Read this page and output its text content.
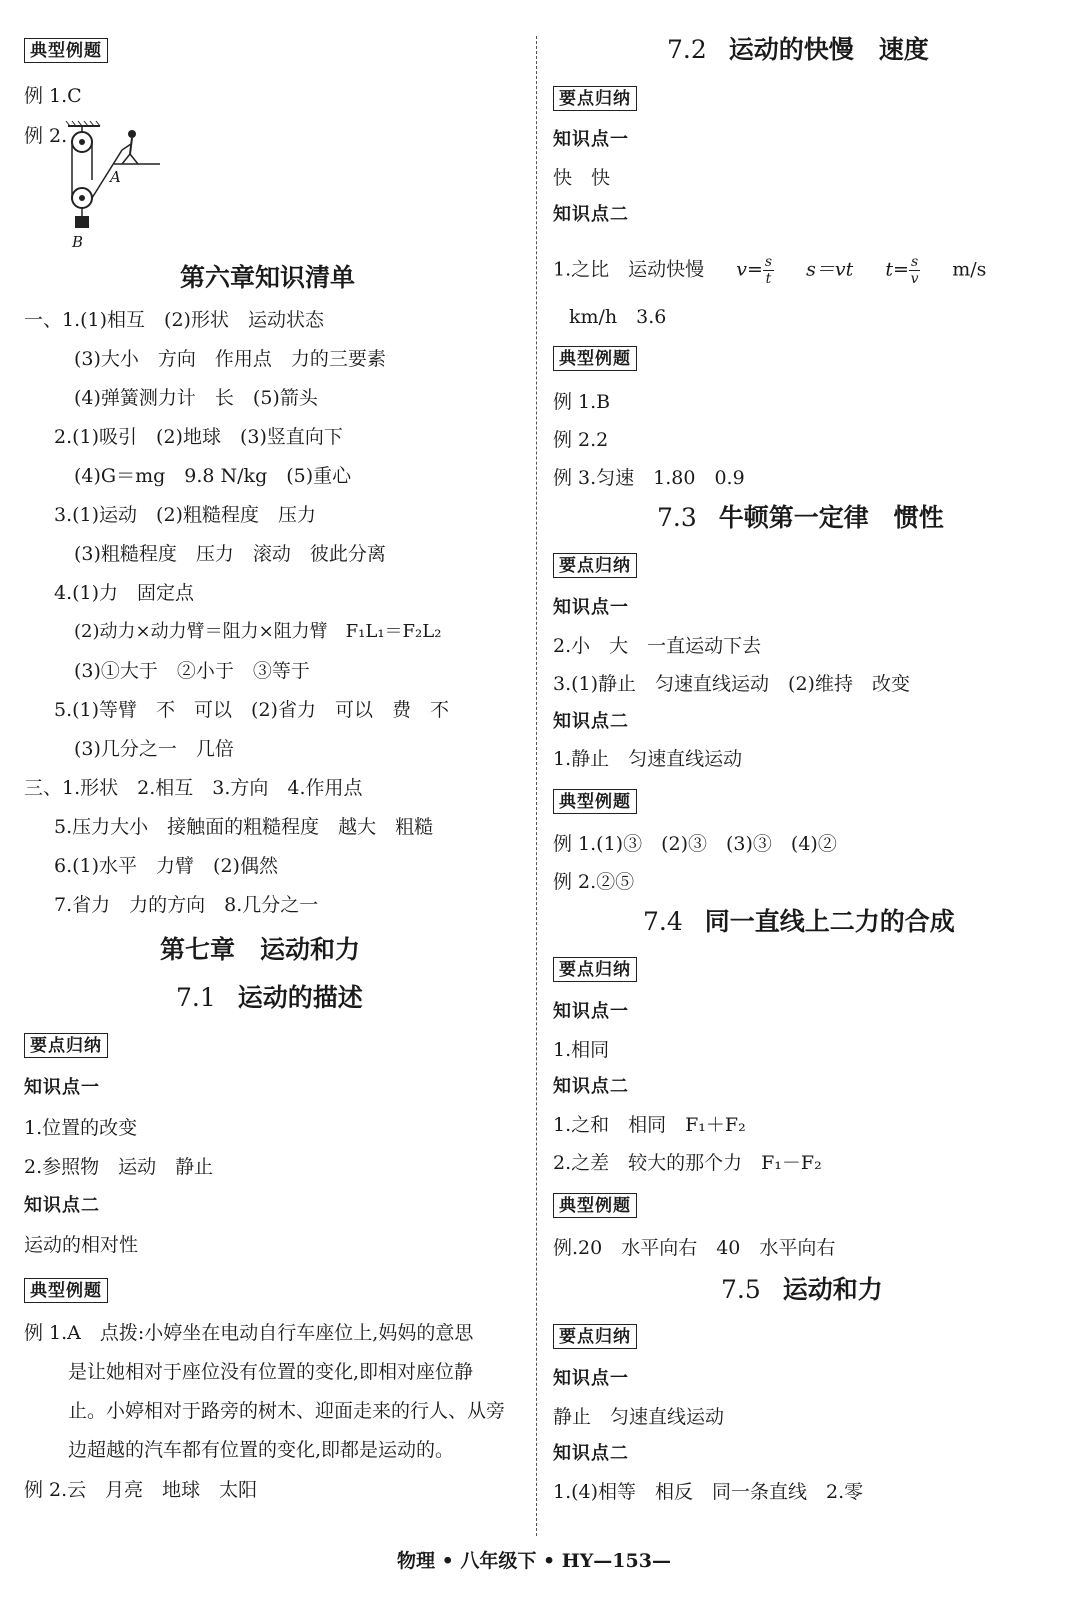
典型例题
例 1.C
例 2.
A
B
第六章知识清单
一、1.(1)相互　(2)形状　运动状态
(3)大小　方向　作用点　力的三要素
(4)弹簧测力计　长　(5)箭头
2.(1)吸引　(2)地球　(3)竖直向下
(4)G＝mg　9.8 N/kg　(5)重心
3.(1)运动　(2)粗糙程度　压力
(3)粗糙程度　压力　滚动　彼此分离
4.(1)力　固定点
(2)动力×动力臂＝阻力×阻力臂　F₁L₁＝F₂L₂
(3)①大于　②小于　③等于
5.(1)等臂　不　可以　(2)省力　可以　费　不
(3)几分之一　几倍
三、1.形状　2.相互　3.方向　4.作用点
5.压力大小　接触面的粗糙程度　越大　粗糙
6.(1)水平　力臂　(2)偶然
7.省力　力的方向　8.几分之一
第七章　运动和力
7.1 运动的描述
要点归纳
知识点一
1.位置的改变
2.参照物　运动　静止
知识点二
运动的相对性
典型例题
例 1.A　点拨:小婷坐在电动自行车座位上,妈妈的意思
是让她相对于座位没有位置的变化,即相对座位静
止。小婷相对于路旁的树木、迎面走来的行人、从旁
边超越的汽车都有位置的变化,即都是运动的。
例 2.云　月亮　地球　太阳
7.2 运动的快慢　速度
要点归纳
知识点一
快　快
知识点二
1.之比　运动快慢 $v= \frac{s}{t} s=vt$ $t= \frac{s}{v} m/s$
km/h　3.6
典型例题
例 1.B
例 2.2
例 3.匀速　1.80　0.9
7.3 牛顿第一定律　惯性
要点归纳
知识点一
2.小　大　一直运动下去
3.(1)静止　匀速直线运动　(2)维持　改变
知识点二
1.静止　匀速直线运动
典型例题
例 1.(1)③　(2)③　(3)③　(4)②
例 2.②⑤
7.4 同一直线上二力的合成
要点归纳
知识点一
1.相同
知识点二
1.之和　相同　F₁＋F₂
2.之差　较大的那个力　F₁－F₂
典型例题
例.20　水平向右　40　水平向右
7.5 运动和力
要点归纳
知识点一
静止　匀速直线运动
知识点二
1.(4)相等　相反　同一条直线　2.零
物理 • 八年级下 • HY—153—
